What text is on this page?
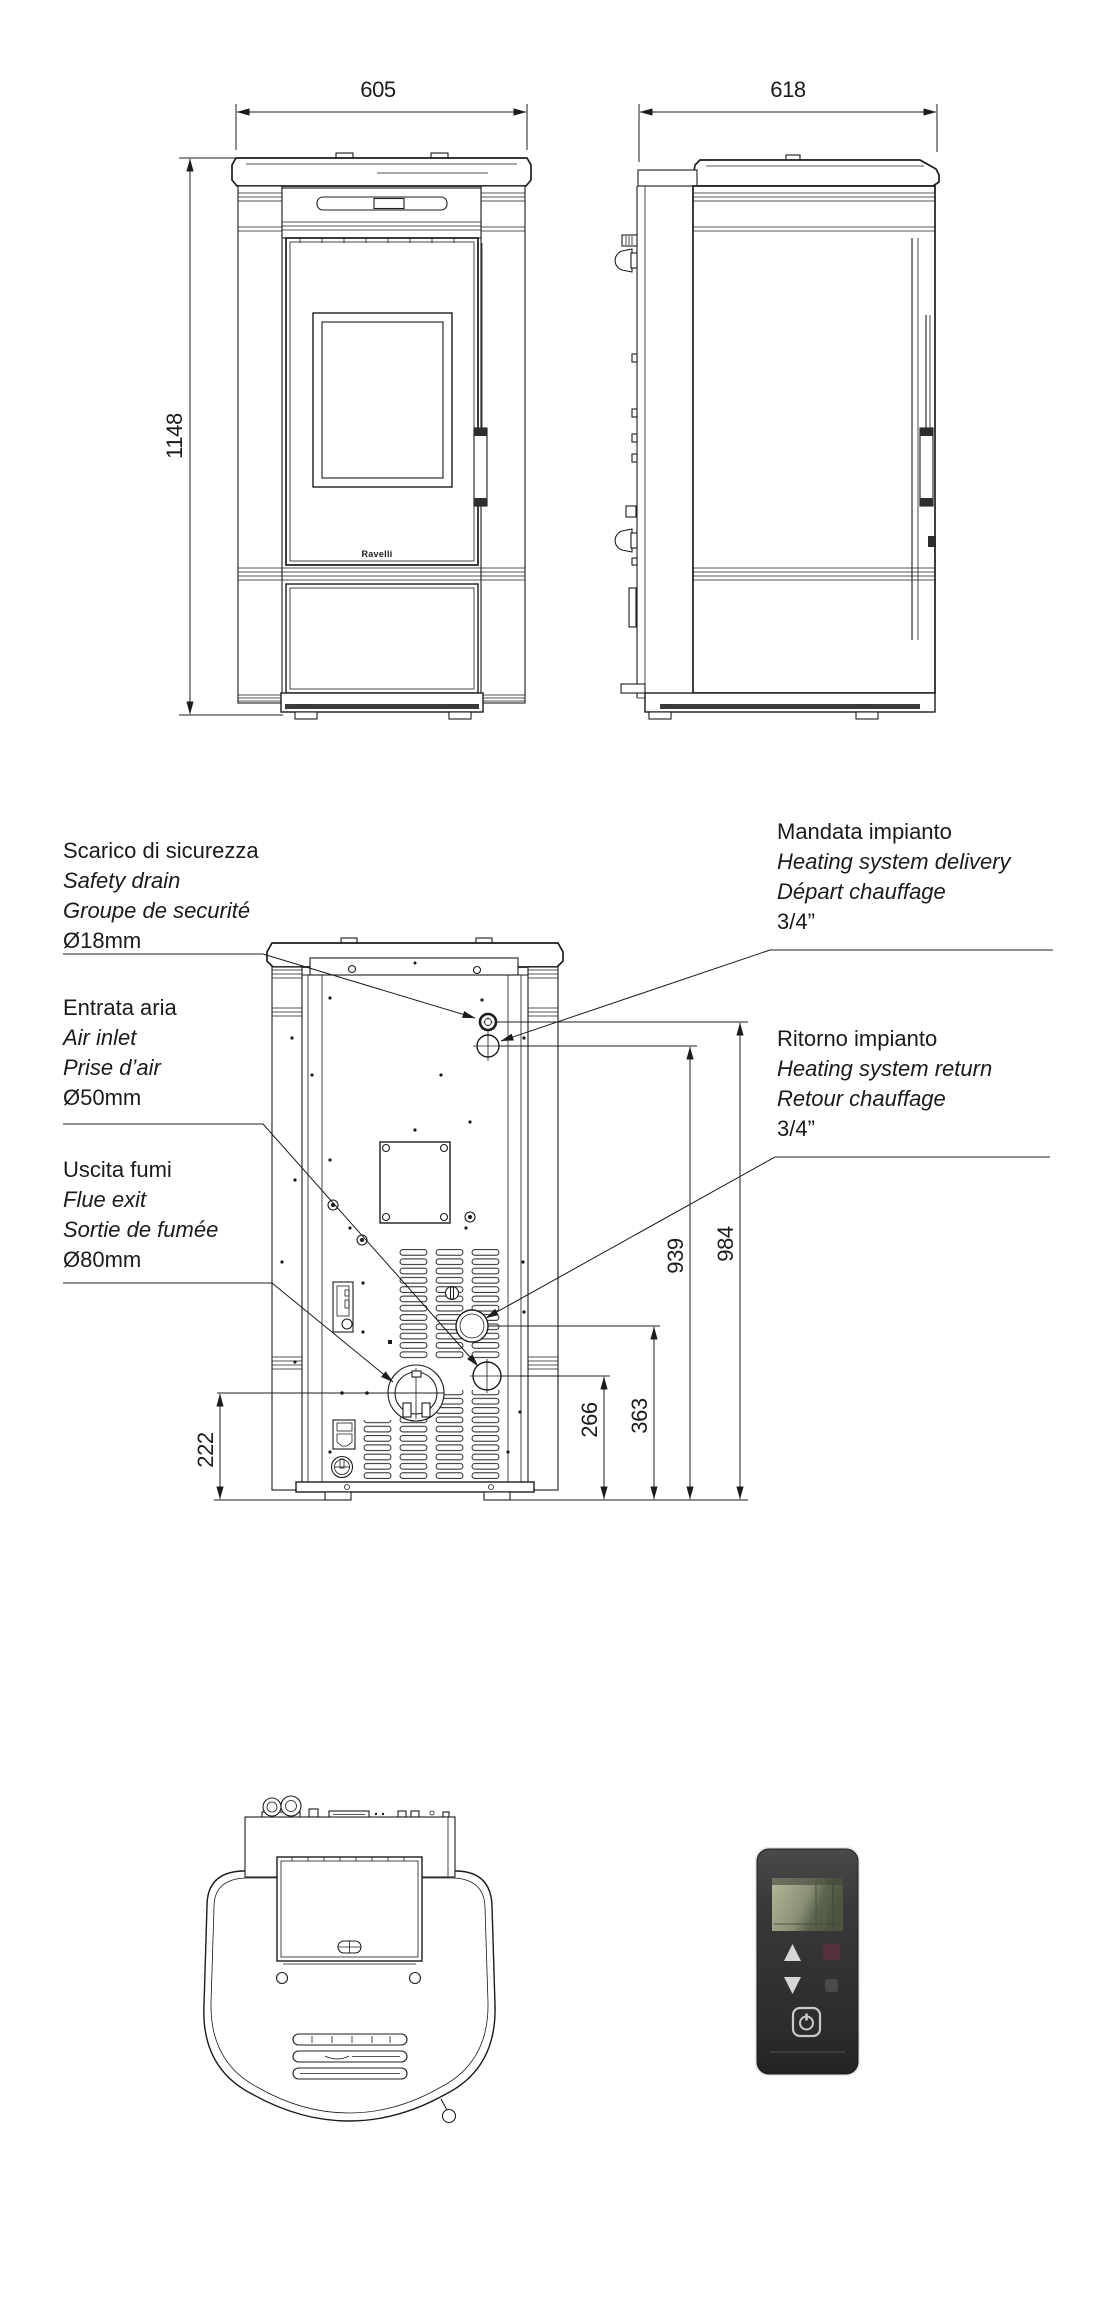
Ravelli
605	618
1148
222
266 363
939 984
Scarico di sicurezza
Safety drain
Groupe de securité
Ø18mm
Entrata aria
Air inlet
Prise d’air
Ø50mm
Uscita fumi
Flue exit
Sortie de fumée
Ø80mm
Mandata impianto
Heating system delivery
Départ chauffage
3/4”
Ritorno impianto
Heating system return
Retour chauffage
3/4”
